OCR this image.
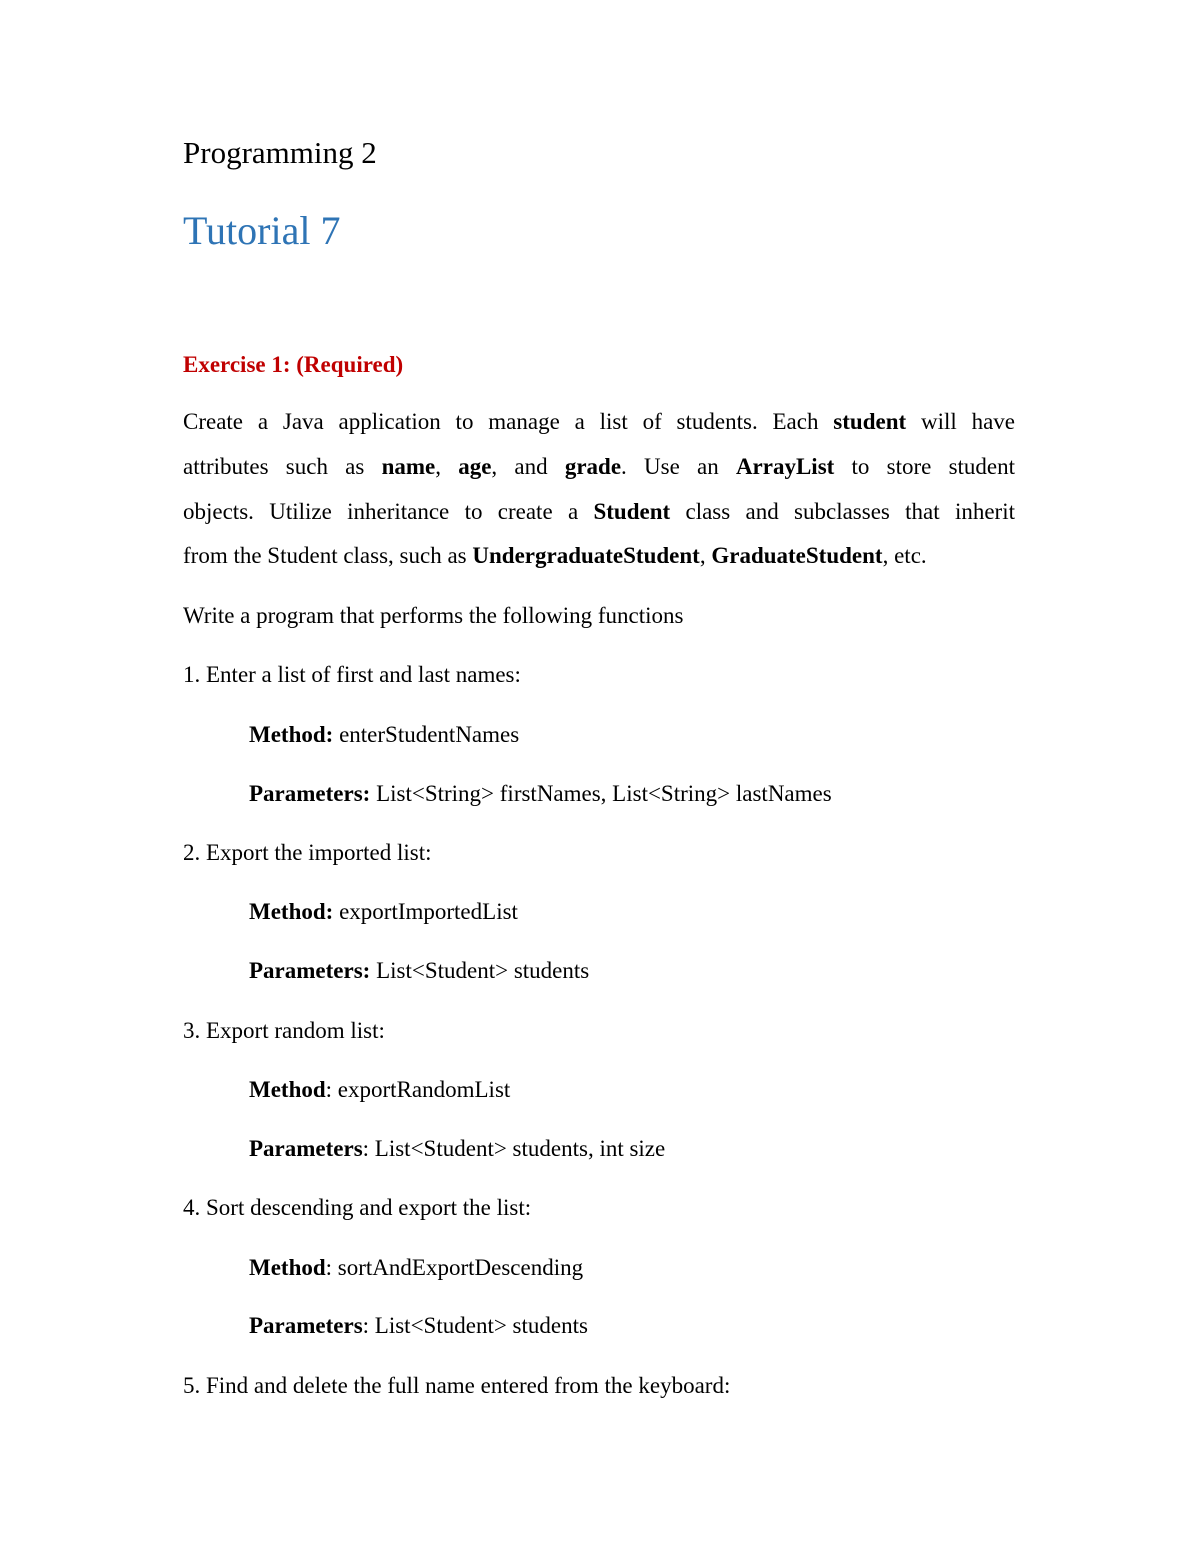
Programming 2
Tutorial 7
Exercise 1: (Required)
Create a Java application to manage a list of students. Each student will have
attributes such as name, age, and grade. Use an ArrayList to store student
objects. Utilize inheritance to create a Student class and subclasses that inherit
from the Student class, such as UndergraduateStudent, GraduateStudent, etc.
Write a program that performs the following functions
1. Enter a list of first and last names:
Method: enterStudentNames
Parameters: List<String> firstNames, List<String> lastNames
2. Export the imported list:
Method: exportImportedList
Parameters: List<Student> students
3. Export random list:
Method: exportRandomList
Parameters: List<Student> students, int size
4. Sort descending and export the list:
Method: sortAndExportDescending
Parameters: List<Student> students
5. Find and delete the full name entered from the keyboard:
